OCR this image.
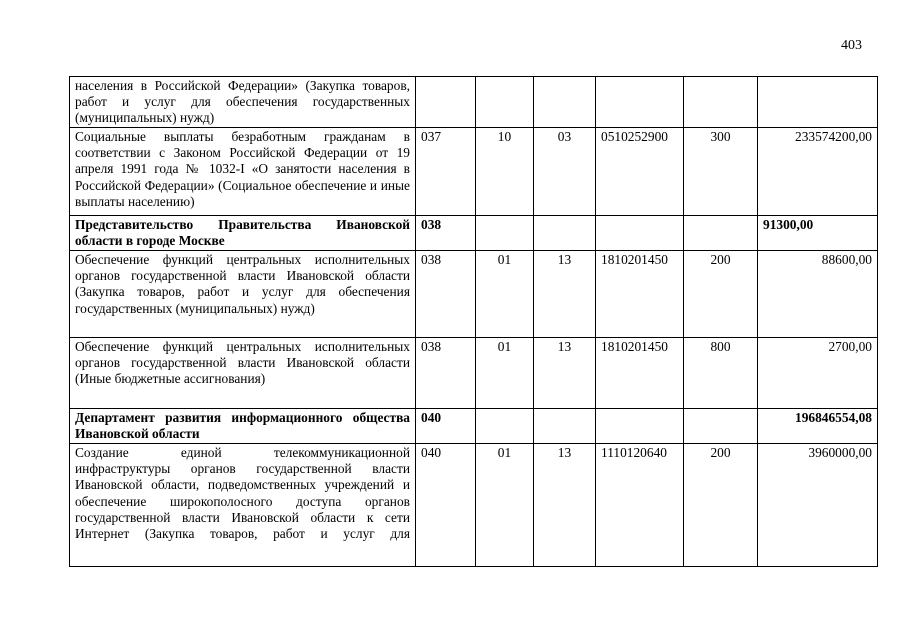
403
населения в Российской Федерации» (Закупка товаров, работ и услуг для обеспечения государственных (муниципальных) нужд)						
Социальные выплаты безработным гражданам в соответствии с Законом Российской Федерации от 19 апреля 1991 года № 1032-I «О занятости населения в Российской Федерации» (Социальное обеспечение и иные выплаты населению)	037	10	03	0510252900	300	233574200,00
Представительство Правительства Ивановской области в городе Москве	038					91300,00
Обеспечение функций центральных исполнительных органов государственной власти Ивановской области (Закупка товаров, работ и услуг для обеспечения государственных (муниципальных) нужд)	038	01	13	1810201450	200	88600,00
Обеспечение функций центральных исполнительных органов государственной власти Ивановской области (Иные бюджетные ассигнования)	038	01	13	1810201450	800	2700,00
Департамент развития информационного общества Ивановской области	040					196846554,08
Создание единой телекоммуникационной инфраструктуры органов государственной власти Ивановской области, подведомственных учреждений и обеспечение широкополосного доступа органов государственной власти Ивановской области к сети Интернет (Закупка товаров, работ и услуг для	040	01	13	1110120640	200	3960000,00
